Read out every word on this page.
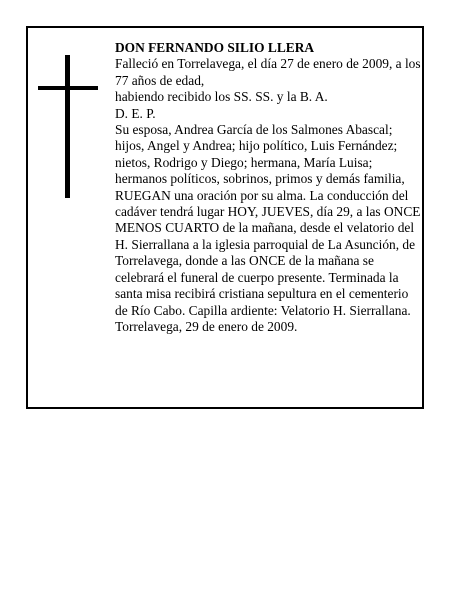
DON FERNANDO SILIO LLERA

Falleció en Torrelavega, el día 27 de enero de 2009, a los 77 años de edad,

habiendo recibido los SS. SS. y la B. A.

D. E. P.

Su esposa, Andrea García de los Salmones Abascal; hijos, Angel y Andrea; hijo político, Luis Fernández; nietos, Rodrigo y Diego; hermana, María Luisa; hermanos políticos, sobrinos, primos y demás familia, RUEGAN una oración por su alma. La conducción del cadáver tendrá lugar HOY, JUEVES, día 29, a las ONCE MENOS CUARTO de la mañana, desde el velatorio del H. Sierrallana a la iglesia parroquial de La Asunción, de Torrelavega, donde a las ONCE de la mañana se celebrará el funeral de cuerpo presente. Terminada la santa misa recibirá cristiana sepultura en el cementerio de Río Cabo. Capilla ardiente: Velatorio H. Sierrallana.

Torrelavega, 29 de enero de 2009.
